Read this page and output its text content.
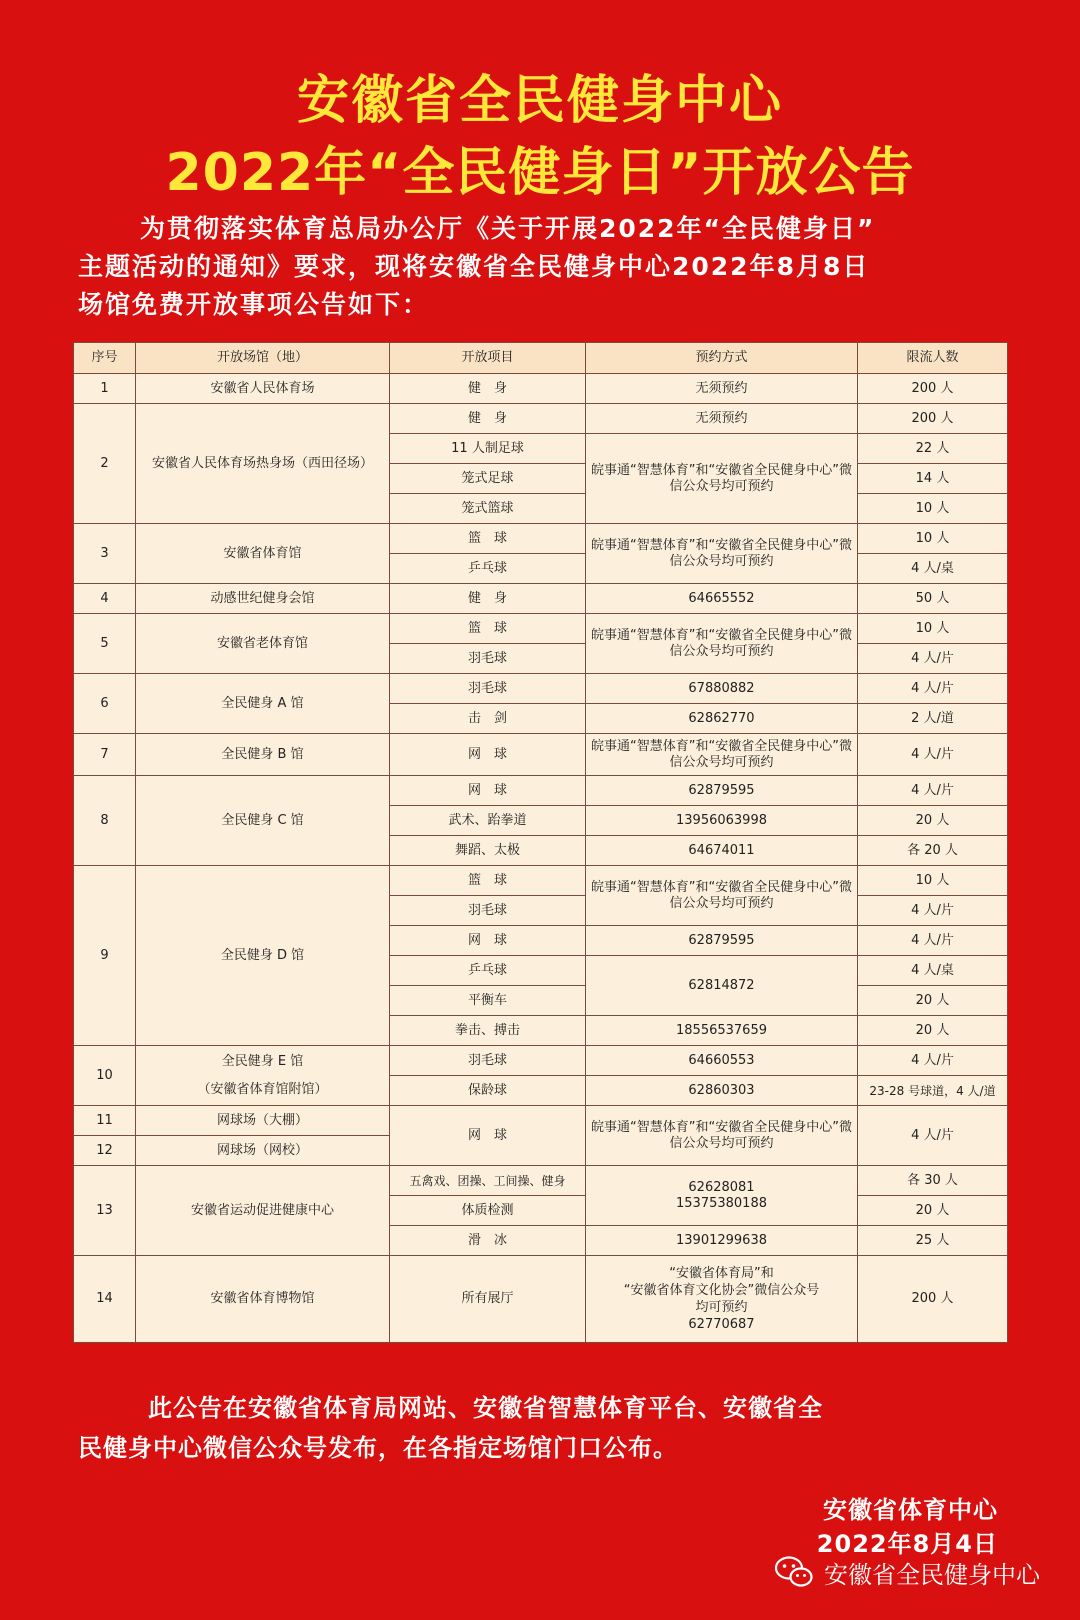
安徽省全民健身中心
2022年“全民健身日”开放公告

为贯彻落实体育总局办公厅《关于开展2022年“全民健身日”

主题活动的通知》要求，现将安徽省全民健身中心2022年8月8日

场馆免费开放事项公告如下：

序号	开放场馆（地）	开放项目	预约方式	限流人数
1	安徽省人民体育场	健　身	无须预约	200 人
2	安徽省人民体育场热身场（西田径场）	健　身	无须预约	200 人
		11 人制足球	皖事通“智慧体育”和“安徽省全民健身中心”微信公众号均可预约	22 人
		笼式足球		14 人
		笼式篮球		10 人
3	安徽省体育馆	篮　球	皖事通“智慧体育”和“安徽省全民健身中心”微信公众号均可预约	10 人
		乒乓球		4 人/桌
4	动感世纪健身会馆	健　身	64665552	50 人
5	安徽省老体育馆	篮　球	皖事通“智慧体育”和“安徽省全民健身中心”微信公众号均可预约	10 人
		羽毛球		4 人/片
6	全民健身 A 馆	羽毛球	67880882	4 人/片
		击　剑	62862770	2 人/道
7	全民健身 B 馆	网　球	皖事通“智慧体育”和“安徽省全民健身中心”微信公众号均可预约	4 人/片
8	全民健身 C 馆	网　球	62879595	4 人/片
		武术、跆拳道	13956063998	20 人
		舞蹈、太极	64674011	各 20 人
9	全民健身 D 馆	篮　球	皖事通“智慧体育”和“安徽省全民健身中心”微信公众号均可预约	10 人
		羽毛球		4 人/片
		网　球	62879595	4 人/片
		乒乓球	62814872	4 人/桌
		平衡车		20 人
		拳击、搏击	18556537659	20 人
10	全民健身 E 馆
（安徽省体育馆附馆）	羽毛球	64660553	4 人/片
		保龄球	62860303	23-28 号球道，4 人/道
11	网球场（大棚）	网　球	皖事通“智慧体育”和“安徽省全民健身中心”微信公众号均可预约	4 人/片
12	网球场（网校）			
13	安徽省运动促进健康中心	五禽戏、团操、工间操、健身	62628081
15375380188	各 30 人
		体质检测		20 人
		滑　冰	13901299638	25 人
14	安徽省体育博物馆	所有展厅	“安徽省体育局”和
“安徽省体育文化协会”微信公众号
均可预约
62770687	200 人

此公告在安徽省体育局网站、安徽省智慧体育平台、安徽省全

民健身中心微信公众号发布，在各指定场馆门口公布。

安徽省体育中心
2022年8月4日
安徽省全民健身中心
